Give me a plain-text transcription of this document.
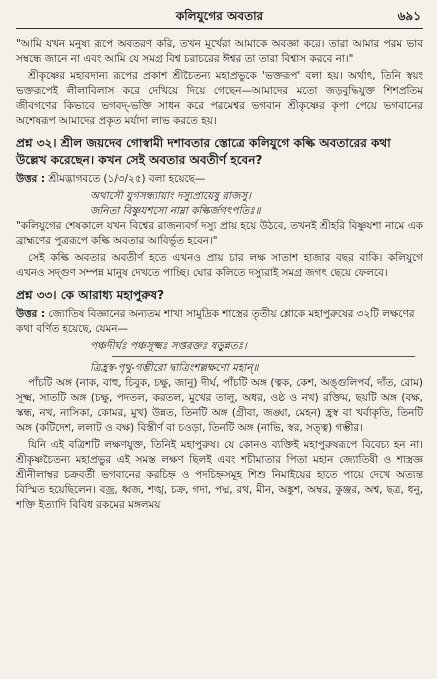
কলিযুগের অবতার	৬৯১

"আমি যখন মনুষ্য রূপে অবতরণ করি, তখন মূর্খেরা আমাকে অবজ্ঞা করে। তারা আমার পরম ভাব সম্বন্ধে জানে না এবং আমি যে সমগ্র বিশ্ব চরাচরের ঈশ্বর তা তারা বিশ্বাস করবে না।"

শ্রীকৃষ্ণের মহাবদান্য রূপের প্রকাশ শ্রীচৈতন্য মহাপ্রভুকে 'ভক্তরূপ' বলা হয়। অর্থাৎ, তিনি স্বয়ং ভক্তরূপেই লীলাবিলাস করে দেখিয়ে দিয়ে গেছেন—আমাদের মতো জড়বুদ্ধিযুক্ত শিশপ্রতিম জীবগণের কিভাবে ভগবদ্-ভক্তি সাধন করে পরমেশ্বর ভগবান শ্রীকৃষ্ণের কৃপা পেয়ে ভগবানের অশেষরূপ আমাদের প্রকৃত মর্যাদা লাভ করতে হয়।

প্রশ্ন ৩২। শ্রীল জয়দেব গোস্বামী দশাবতার স্তোত্রে কলিযুগে কল্কি অবতারের কথা উল্লেখ করেছেন। কখন সেই অবতার অবতীর্ণ হবেন?
উত্তর : শ্রীমদ্ভাগবতে (১/৩/২৫) বলা হয়েছে—

অথাসৌ যুগসন্ধ্যায়াং দস্যুপ্রায়েষু রাজসু।

জনিতা বিষ্ণুযশসো নাম্না কল্কির্জগৎপতিঃ॥

"কলিযুগের শেষকালে যখন বিশ্বের রাজন্যবর্গ দস্যু প্রায় হয়ে উঠবে, তখনই শ্রীহরি বিষ্ণুযশা নামে এক ব্রাহ্মণের পুত্ররূপে কল্কি অবতার আবির্ভূত হবেন।"

সেই কল্কি অবতার অবতীর্ণ হতে এখনও প্রায় চার লক্ষ সাতাশ হাজার বছর বাকি। কলিযুগে এখনও সদ্গুণ সম্পন্ন মানুষ দেখতে পাচ্ছি। ঘোর কলিতে দস্যুরাই সমগ্র জগৎ ছেয়ে ফেলবে।

প্রশ্ন ৩৩। কে আরাধ্য মহাপুরুষ?
উত্তর : জ্যোতিষ বিজ্ঞানের অন্যতম শাখা সামুদ্রিক শাস্ত্রের তৃতীয় শ্লোকে মহাপুরুষের ৩২টি লক্ষণের কথা বর্ণিত হয়েছে, যেমন—

পঞ্চদীর্ঘঃ পঞ্চসূক্ষ্মঃ সপ্তরক্তঃ ষড়ুন্নতঃ।

ত্রিহ্রস্ব-পৃথু-গম্ভীরো দ্বাত্রিংশল্লক্ষণো মহান্॥

পাঁচটি অঙ্গ (নাক, বাহু, চিবুক, চক্ষু, জানু) দীর্ঘ, পাঁচটি অঙ্গ (ত্বক, কেশ, অঙ্গুলিপর্ব, দাঁত, রোম) সূক্ষ্ম, সাতটি অঙ্গ (চক্ষু, পদতল, করতল, মুখের তালু, অধর, ওষ্ঠ ও নখ) রক্তিম, ছয়টি অঙ্গ (বক্ষ, স্কন্ধ, নখ, নাসিকা, কোমর, মুখ) উন্নত, তিনটি অঙ্গ (গ্রীবা, জঙ্ঘা, মেহন) হ্রস্ব বা খর্বাকৃতি, তিনটি অঙ্গ (কটিদেশ, ললাট ও বক্ষ) বিস্তীর্ণ বা চওড়া, তিনটি অঙ্গ (নাভি, স্বর, সত্ত্ব) গম্ভীর।

যিনি এই বত্রিশটি লক্ষণযুক্ত, তিনিই মহাপুরুষ। যে কোনও ব্যক্তিই মহাপুরুষরূপে বিবেচ্য হন না। শ্রীকৃষ্ণচৈতন্য মহাপ্রভুর এই সমস্ত লক্ষণ ছিলই এবং শচীমাতার পিতা মহান জ্যোতিষী ও শাস্ত্রজ্ঞ শ্রীনীলাম্বর চক্রবর্তী ভগবানের করচিহ্ন ও পদচিহ্নসমূহ শিশু নিমাইয়ের হাতে পায়ে দেখে অত্যন্ত বিস্মিত হয়েছিলেন। বজ্র, ধ্বজ, শঙ্খ, চক্র, গদা, পদ্ম, রথ, মীন, অঙ্কুশ, অম্বর, কুঞ্জর, অশ্ব, ছত্র, ধনু, শক্তি ইত্যাদি বিবিধ রকমের মঙ্গলময়
